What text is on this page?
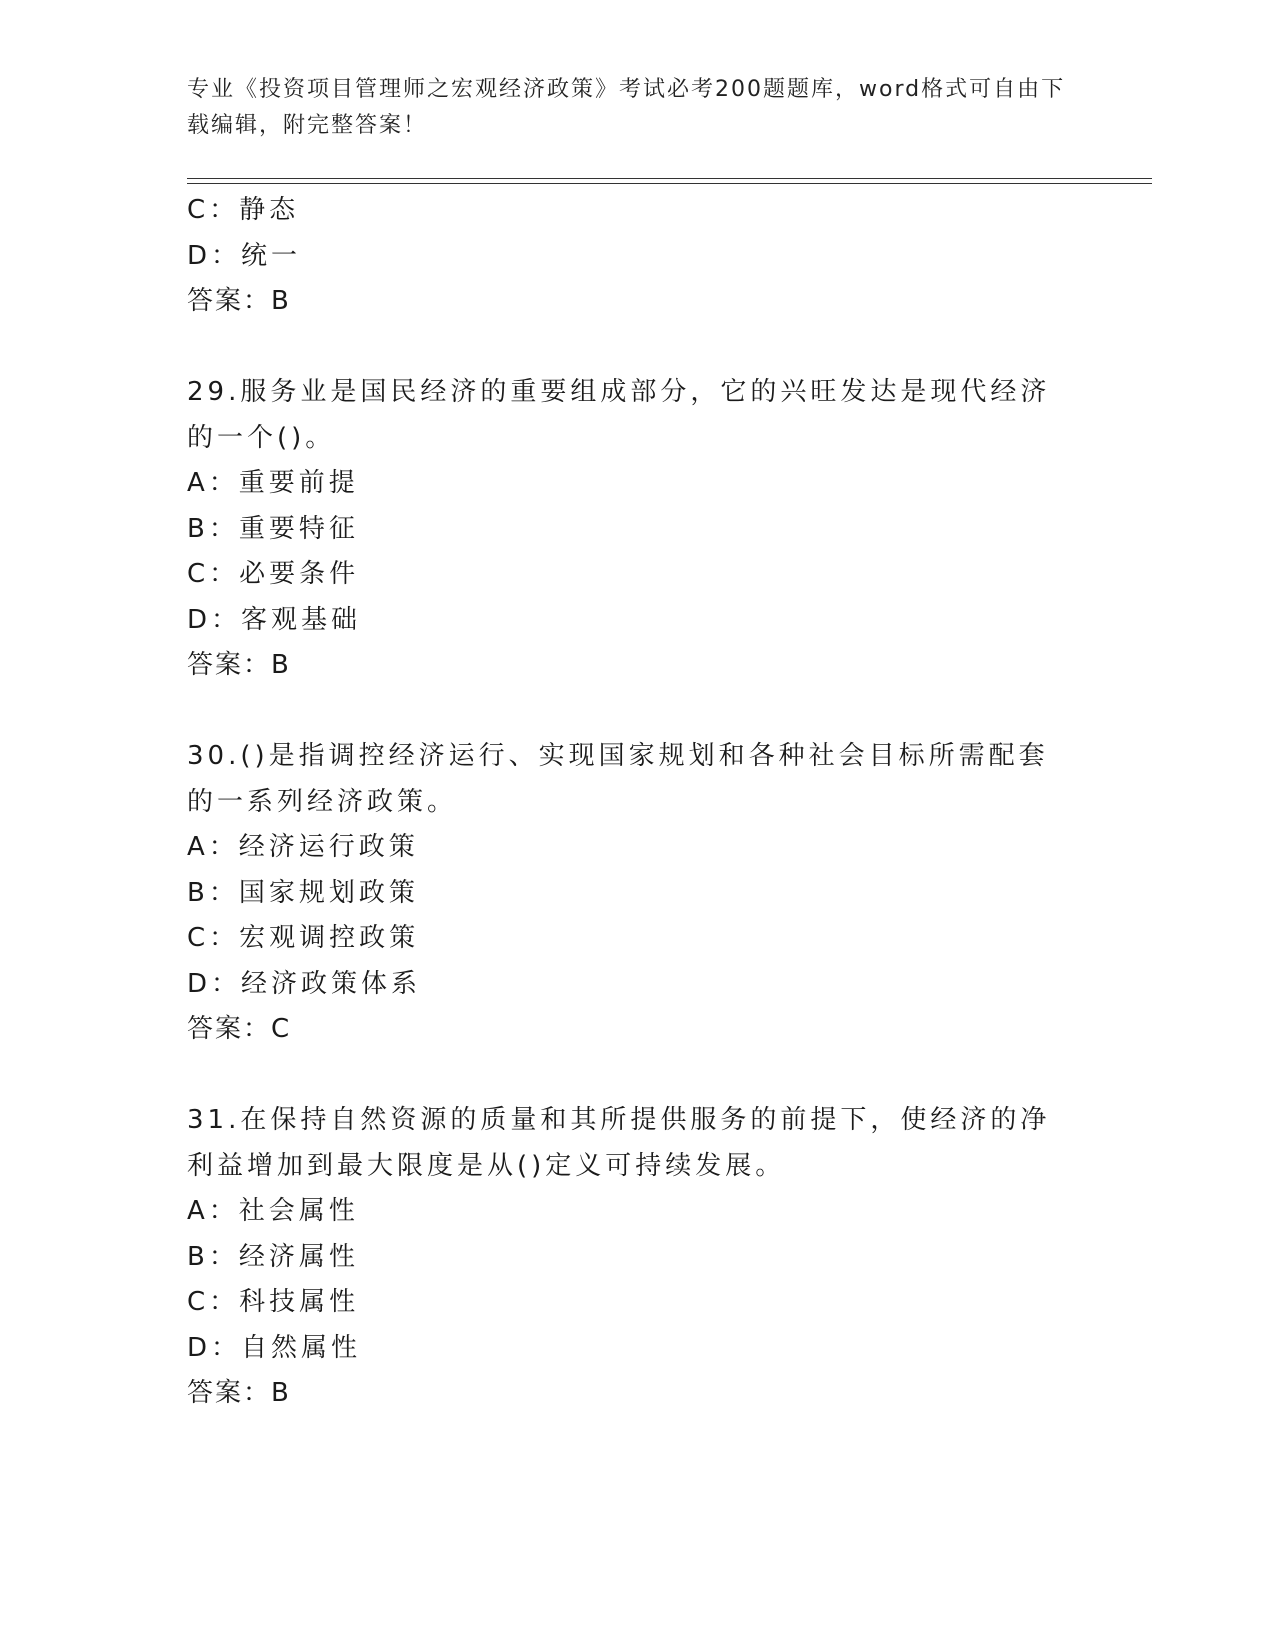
专业《投资项目管理师之宏观经济政策》考试必考200题题库，word格式可自由下载编辑，附完整答案！
C：静态
D：统一
答案：B
29.服务业是国民经济的重要组成部分，它的兴旺发达是现代经济的一个()。
A：重要前提
B：重要特征
C：必要条件
D：客观基础
答案：B
30.()是指调控经济运行、实现国家规划和各种社会目标所需配套的一系列经济政策。
A：经济运行政策
B：国家规划政策
C：宏观调控政策
D：经济政策体系
答案：C
31.在保持自然资源的质量和其所提供服务的前提下，使经济的净利益增加到最大限度是从()定义可持续发展。
A：社会属性
B：经济属性
C：科技属性
D：自然属性
答案：B
